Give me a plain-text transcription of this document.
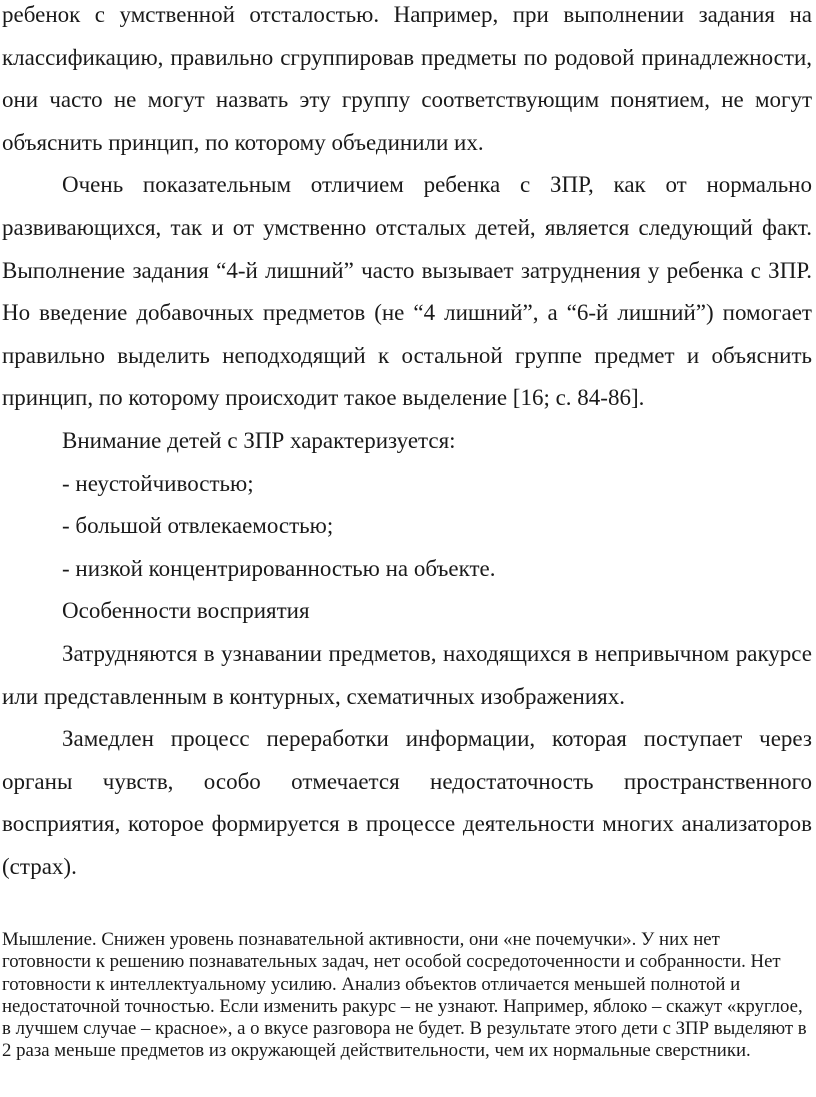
ребенок с умственной отсталостью. Например, при выполнении задания на классификацию, правильно сгруппировав предметы по родовой принадлежности, они часто не могут назвать эту группу соответствующим понятием, не могут объяснить принцип, по которому объединили их.

Очень показательным отличием ребенка с ЗПР, как от нормально развивающихся, так и от умственно отсталых детей, является следующий факт. Выполнение задания “4-й лишний” часто вызывает затруднения у ребенка с ЗПР. Но введение добавочных предметов (не “4 лишний”, а “6-й лишний”) помогает правильно выделить неподходящий к остальной группе предмет и объяснить принцип, по которому происходит такое выделение [16; с. 84-86].

Внимание детей с ЗПР характеризуется:

- неустойчивостью;

- большой отвлекаемостью;

- низкой концентрированностью на объекте.

Особенности восприятия

Затрудняются в узнавании предметов, находящихся в непривычном ракурсе или представленным в контурных, схематичных изображениях.

Замедлен процесс переработки информации, которая поступает через органы чувств, особо отмечается недостаточность пространственного восприятия, которое формируется в процессе деятельности многих анализаторов (страх).

Мышление. Снижен уровень познавательной активности, они «не почемучки». У них нет готовности к решению познавательных задач, нет особой сосредоточенности и собранности. Нет готовности к интеллектуальному усилию. Анализ объектов отличается меньшей полнотой и недостаточной точностью. Если изменить ракурс – не узнают. Например, яблоко – скажут «круглое, в лучшем случае – красное», а о вкусе разговора не будет. В результате этого дети с ЗПР выделяют в 2 раза меньше предметов из окружающей действительности, чем их нормальные сверстники.
